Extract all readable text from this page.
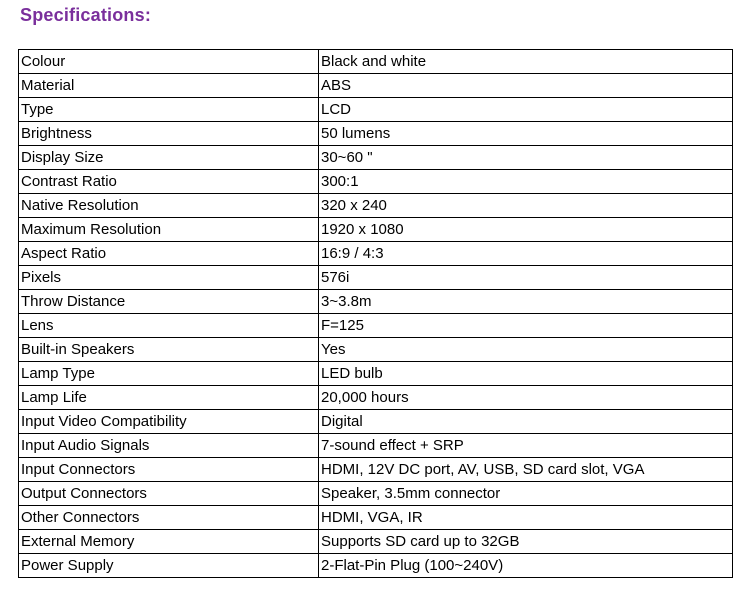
Specifications:
Colour	Black and white
Material	ABS
Type	LCD
Brightness	50 lumens
Display Size	30~60 "
Contrast Ratio	300:1
Native Resolution	320 x 240
Maximum Resolution	1920 x 1080
Aspect Ratio	16:9 / 4:3
Pixels	576i
Throw Distance	3~3.8m
Lens	F=125
Built-in Speakers	Yes
Lamp Type	LED bulb
Lamp Life	20,000 hours
Input Video Compatibility	Digital
Input Audio Signals	7-sound effect + SRP
Input Connectors	HDMI, 12V DC port, AV, USB, SD card slot, VGA
Output Connectors	Speaker, 3.5mm connector
Other Connectors	HDMI, VGA, IR
External Memory	Supports SD card up to 32GB
Power Supply	2-Flat-Pin Plug (100~240V)
